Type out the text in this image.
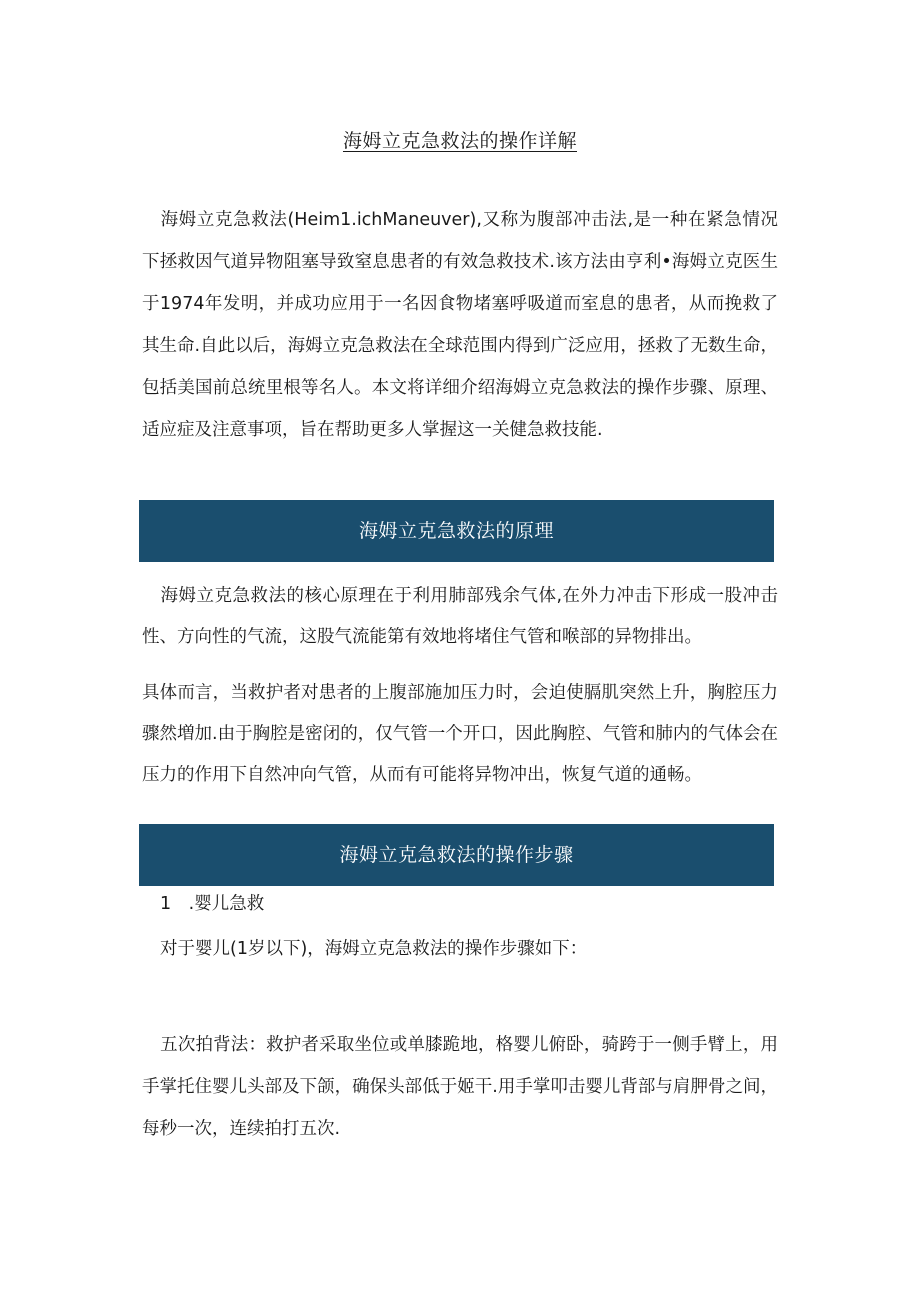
海姆立克急救法的操作详解

海姆立克急救法(Heim1.ichManeuver),又称为腹部冲击法,是一种在紧急情况下拯救因气道异物阻塞导致窒息患者的有效急救技术.该方法由亨利•海姆立克医生于1974年发明，并成功应用于一名因食物堵塞呼吸道而室息的患者，从而挽救了其生命.自此以后，海姆立克急救法在全球范围内得到广泛应用，拯救了无数生命，包括美国前总统里根等名人。本文将详细介绍海姆立克急救法的操作步骤、原理、适应症及注意事项，旨在帮助更多人掌握这一关健急救技能.

海姆立克急救法的原理

海姆立克急救法的核心原理在于利用肺部残余气体,在外力冲击下形成一股冲击性、方向性的气流，这股气流能第有效地将堵住气管和喉部的异物排出。

具体而言，当救护者对患者的上腹部施加压力时，会迫使膈肌突然上升，胸腔压力骤然増加.由于胸腔是密闭的，仅气管一个开口，因此胸腔、气管和肺内的气体会在压力的作用下自然冲向气管，从而有可能将异物冲出，恢复气道的通畅。

海姆立克急救法的操作步骤

1　.婴儿急救

对于婴儿(1岁以下)，海姆立克急救法的操作步骤如下：

五次拍背法：救护者采取坐位或单膝跪地，格婴儿俯卧，骑跨于一侧手臂上，用手掌托住婴儿头部及下颌，确保头部低于姬干.用手掌叩击婴儿背部与肩胛骨之间，每秒一次，连续拍打五次.
